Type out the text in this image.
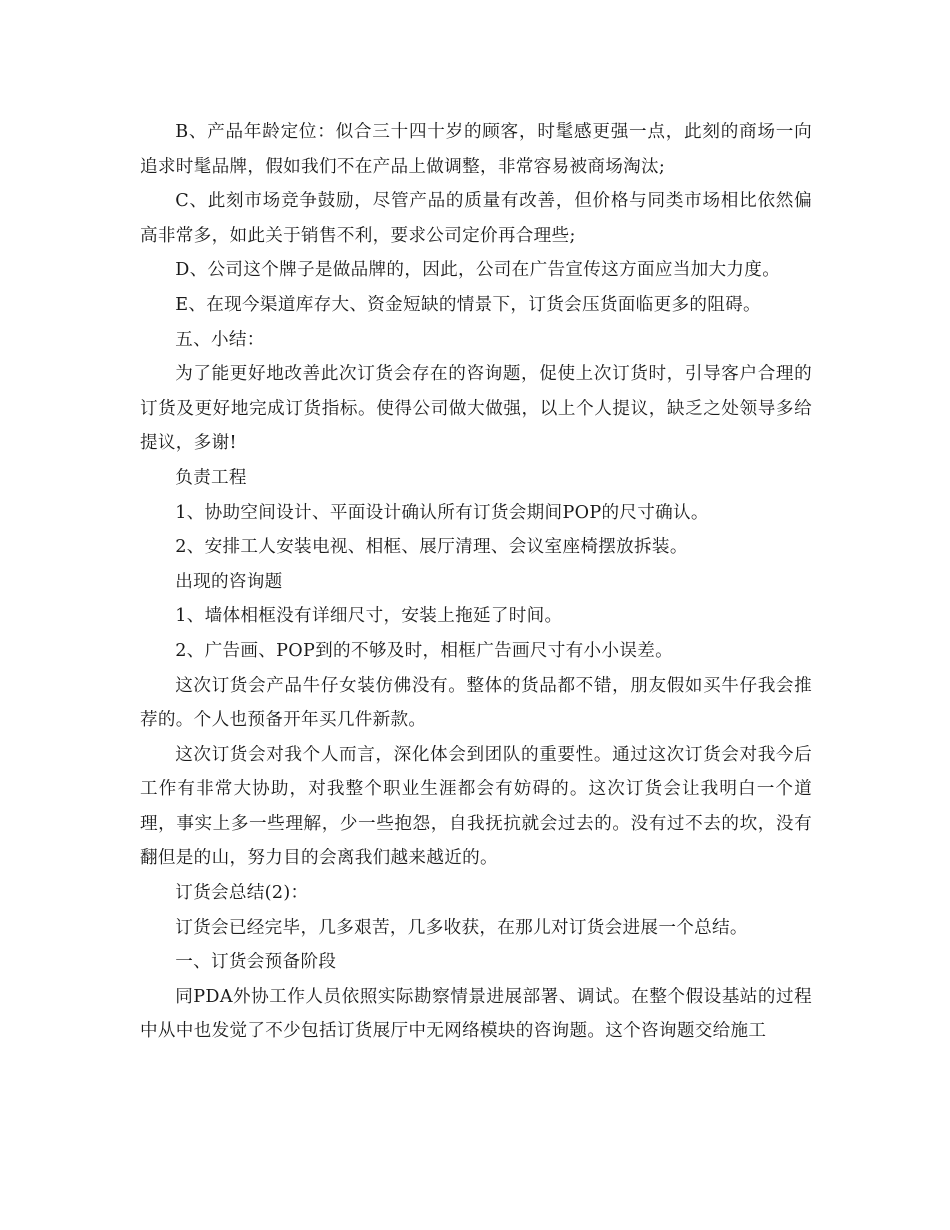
B、产品年龄定位：似合三十四十岁的顾客，时髦感更强一点，此刻的商场一向追求时髦品牌，假如我们不在产品上做调整，非常容易被商场淘汰;

C、此刻市场竞争鼓励，尽管产品的质量有改善，但价格与同类市场相比依然偏高非常多，如此关于销售不利，要求公司定价再合理些;

D、公司这个牌子是做品牌的，因此，公司在广告宣传这方面应当加大力度。

E、在现今渠道库存大、资金短缺的情景下，订货会压货面临更多的阻碍。

五、小结：

为了能更好地改善此次订货会存在的咨询题，促使上次订货时，引导客户合理的订货及更好地完成订货指标。使得公司做大做强，以上个人提议，缺乏之处领导多给提议，多谢!

负责工程

1、协助空间设计、平面设计确认所有订货会期间POP的尺寸确认。

2、安排工人安装电视、相框、展厅清理、会议室座椅摆放拆装。

出现的咨询题

1、墙体相框没有详细尺寸，安装上拖延了时间。

2、广告画、POP到的不够及时，相框广告画尺寸有小小误差。

这次订货会产品牛仔女装仿佛没有。整体的货品都不错，朋友假如买牛仔我会推荐的。个人也预备开年买几件新款。

这次订货会对我个人而言，深化体会到团队的重要性。通过这次订货会对我今后工作有非常大协助，对我整个职业生涯都会有妨碍的。这次订货会让我明白一个道理，事实上多一些理解，少一些抱怨，自我抚抗就会过去的。没有过不去的坎，没有翻但是的山，努力目的会离我们越来越近的。

订货会总结(2)：

订货会已经完毕，几多艰苦，几多收获，在那儿对订货会进展一个总结。

一、订货会预备阶段

同PDA外协工作人员依照实际勘察情景进展部署、调试。在整个假设基站的过程中从中也发觉了不少包括订货展厅中无网络模块的咨询题。这个咨询题交给施工
